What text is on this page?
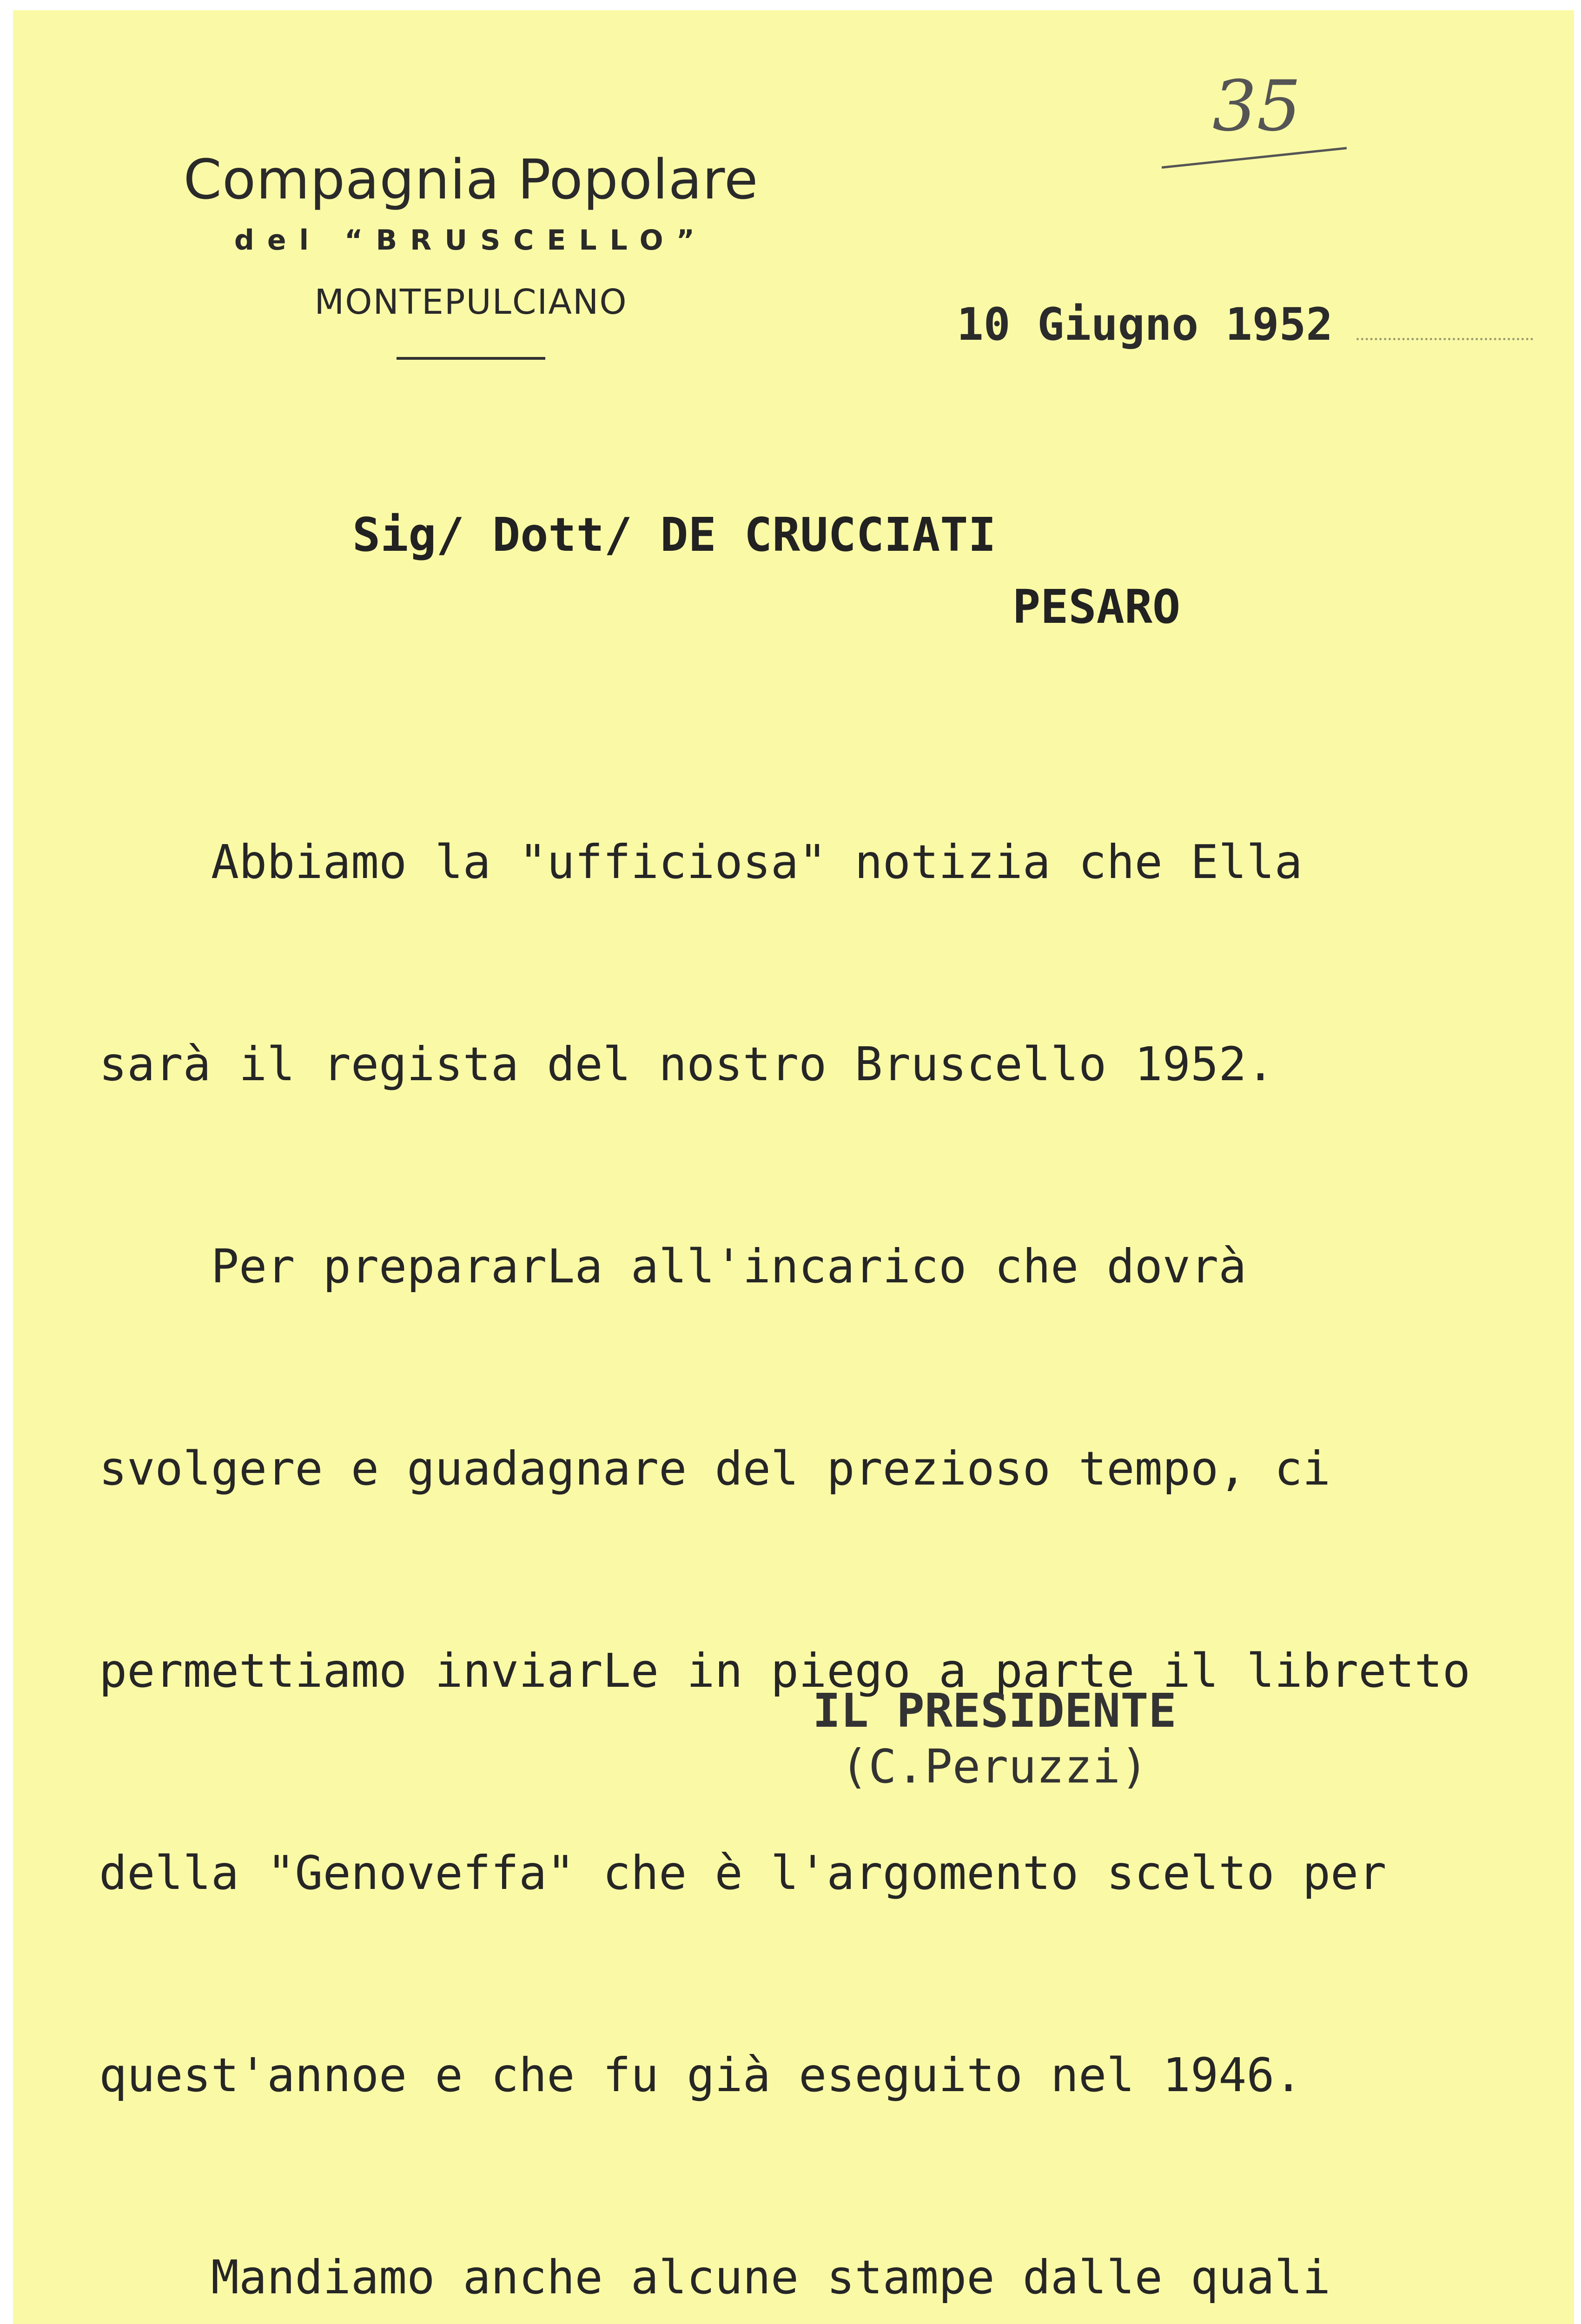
35
Compagnia Popolare
del “BRUSCELLO”
MONTEPULCIANO	10 Giugno 1952
Sig/ Dott/ DE CRUCCIATI
PESARO

Abbiamo la "ufficiosa" notizia che Ella

sarà il regista del nostro Bruscello 1952.

Per prepararLa all'incarico che dovrà

svolgere e guadagnare del prezioso tempo, ci

permettiamo inviarLe in piego a parte il libretto

della "Genoveffa" che è l'argomento scelto per

quest'annoe e che fu già eseguito nel 1946.

Mandiamo anche alcune stampe dalle quali

IL PRESIDENTE
(C.Peruzzi)
